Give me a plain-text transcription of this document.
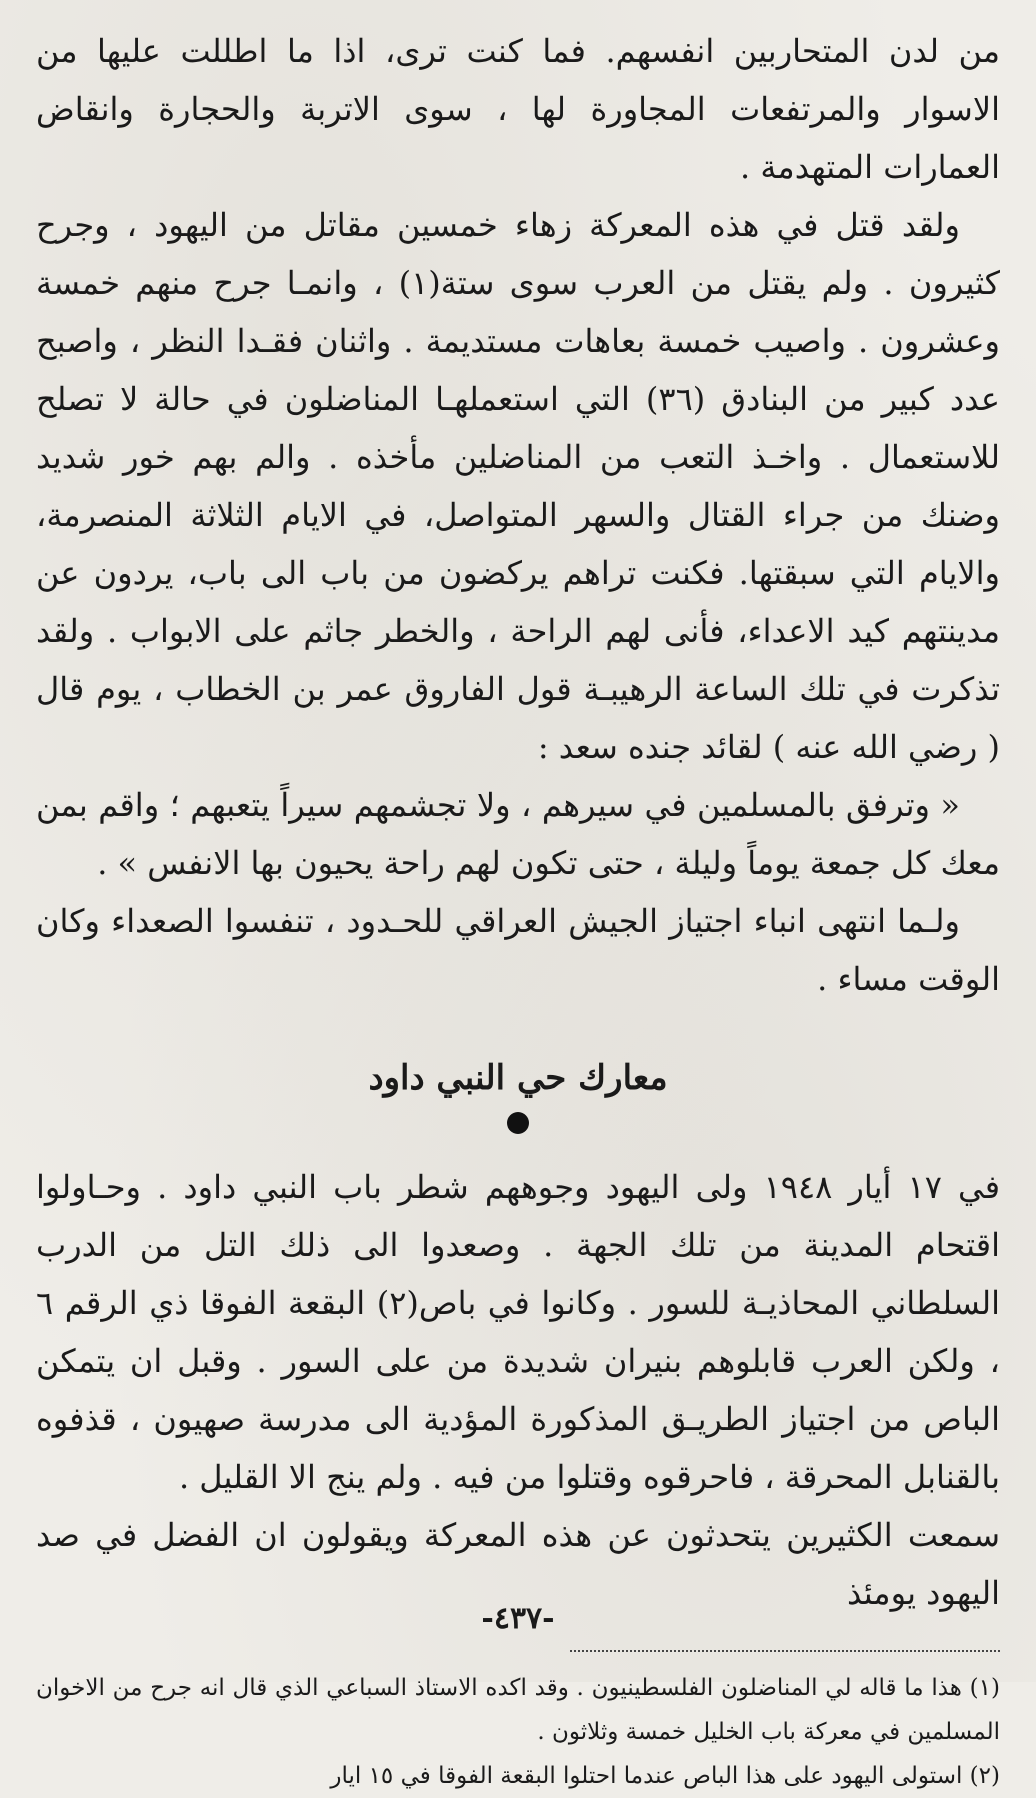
من لدن المتحاربين انفسهم. فما كنت ترى، اذا ما اطللت عليها من الاسوار والمرتفعات المجاورة لها ، سوى الاتربة والحجارة وانقاض العمارات المتهدمة .

ولقد قتل في هذه المعركة زهاء خمسين مقاتل من اليهود ، وجرح كثيرون . ولم يقتل من العرب سوى ستة(١) ، وانمـا جرح منهم خمسة وعشرون . واصيب خمسة بعاهات مستديمة . واثنان فقـدا النظر ، واصبح عدد كبير من البنادق (٣٦) التي استعملهـا المناضلون في حالة لا تصلح للاستعمال . واخـذ التعب من المناضلين مأخذه . والم بهم خور شديد وضنك من جراء القتال والسهر المتواصل، في الايام الثلاثة المنصرمة، والايام التي سبقتها. فكنت تراهم يركضون من باب الى باب، يردون عن مدينتهم كيد الاعداء، فأنى لهم الراحة ، والخطر جاثم على الابواب . ولقد تذكرت في تلك الساعة الرهيبـة قول الفاروق عمر بن الخطاب ، يوم قال ( رضي الله عنه ) لقائد جنده سعد :

« وترفق بالمسلمين في سيرهم ، ولا تجشمهم سيراً يتعبهم ؛ واقم بمن معك كل جمعة يوماً وليلة ، حتى تكون لهم راحة يحيون بها الانفس » .

ولـما انتهى انباء اجتياز الجيش العراقي للحـدود ، تنفسوا الصعداء وكان الوقت مساء .

معارك حي النبي داود

في ١٧ أيار ١٩٤٨ ولى اليهود وجوههم شطر باب النبي داود . وحـاولوا اقتحام المدينة من تلك الجهة . وصعدوا الى ذلك التل من الدرب السلطاني المحاذيـة للسور . وكانوا في باص(٢) البقعة الفوقا ذي الرقم ٦ ، ولكن العرب قابلوهم بنيران شديدة من على السور . وقبل ان يتمكن الباص من اجتياز الطريـق المذكورة المؤدية الى مدرسة صهيون ، قذفوه بالقنابل المحرقة ، فاحرقوه وقتلوا من فيه . ولم ينج الا القليل .

سمعت الكثيرين يتحدثون عن هذه المعركة ويقولون ان الفضل في صد اليهود يومئذ

(١) هذا ما قاله لي المناضلون الفلسطينيون . وقد اكده الاستاذ السباعي الذي قال انه جرح من الاخوان المسلمين في معركة باب الخليل خمسة وثلاثون .

(٢) استولى اليهود على هذا الباص عندما احتلوا البقعة الفوقا في ١٥ ايار

-٤٣٧-
